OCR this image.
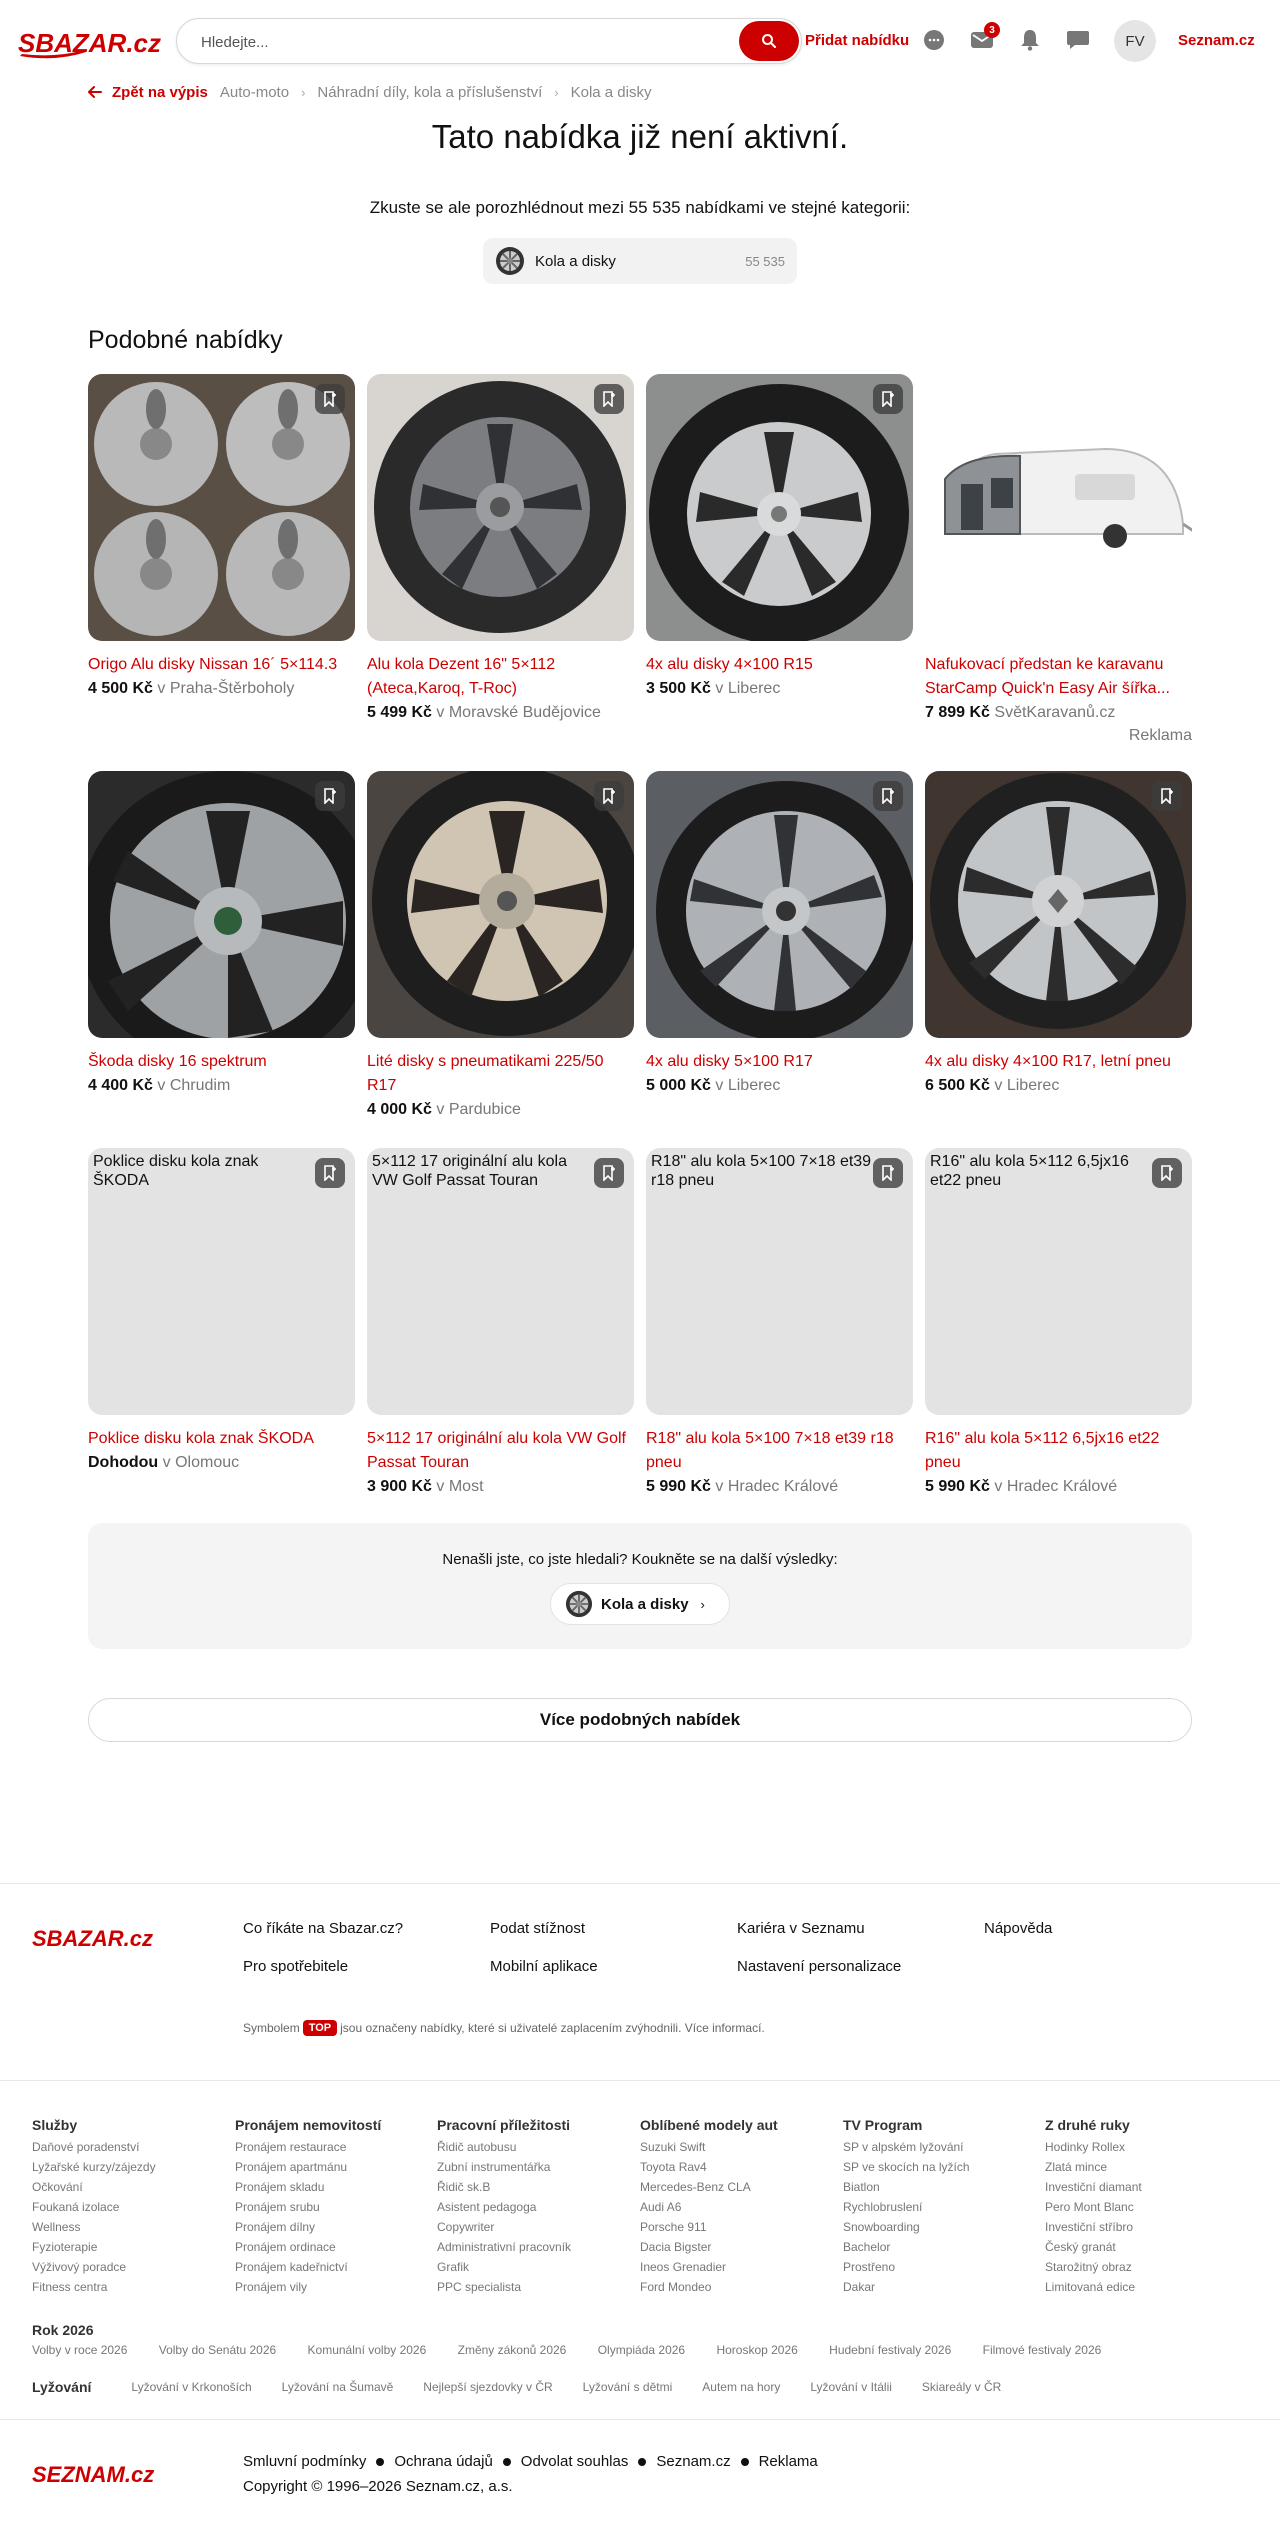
SBAZAR.cz
Hledejte...	Přidat nabídku
3
FV	Seznam.cz
Zpět na výpis Auto-moto › Náhradní díly, kola a příslušenství › Kola a disky
Tato nabídka již není aktivní.

Zkuste se ale porozhlédnout mezi 55 535 nabídkami ve stejné kategorii:

Kola a disky	55 535
Podobné nabídky
Origo Alu disky Nissan 16´ 5×114.3
4 500 Kč v Praha-Štěrboholy
Alu kola Dezent 16" 5×112 (Ateca,Karoq, T-Roc)
5 499 Kč v Moravské Budějovice
4x alu disky 4×100 R15
3 500 Kč v Liberec
Nafukovací předstan ke karavanu StarCamp Quick'n Easy Air šířka...
7 899 Kč SvětKaravanů.cz
Reklama
Škoda disky 16 spektrum
4 400 Kč v Chrudim
Lité disky s pneumatikami 225/50 R17
4 000 Kč v Pardubice
4x alu disky 5×100 R17
5 000 Kč v Liberec
4x alu disky 4×100 R17, letní pneu
6 500 Kč v Liberec
Poklice disku kola znak ŠKODA
Poklice disku kola znak ŠKODA
Dohodou v Olomouc
5×112 17 originální alu kola VW Golf Passat Touran
5×112 17 originální alu kola VW Golf Passat Touran
3 900 Kč v Most
R18" alu kola 5×100 7×18 et39 r18 pneu
R18" alu kola 5×100 7×18 et39 r18 pneu
5 990 Kč v Hradec Králové
R16" alu kola 5×112 6,5jx16 et22 pneu
R16" alu kola 5×112 6,5jx16 et22 pneu
5 990 Kč v Hradec Králové
Nenašli jste, co jste hledali? Koukněte se na další výsledky:
Kola a disky ›
Více podobných nabídek
SBAZAR.cz	Co říkáte na Sbazar.cz?	Podat stížnost	Kariéra v Seznamu	Nápověda
Pro spotřebitele	Mobilní aplikace	Nastavení personalizace
Symbolem TOP jsou označeny nabídky, které si uživatelé zaplacením zvýhodnili. Více informací.
Služby
Daňové poradenství
Lyžařské kurzy/zájezdy
Očkování
Foukaná izolace
Wellness
Fyzioterapie
Výživový poradce
Fitness centra
Pronájem nemovitostí
Pronájem restaurace
Pronájem apartmánu
Pronájem skladu
Pronájem srubu
Pronájem dílny
Pronájem ordinace
Pronájem kadeřnictví
Pronájem vily
Pracovní příležitosti
Řidič autobusu
Zubní instrumentářka
Řidič sk.B
Asistent pedagoga
Copywriter
Administrativní pracovník
Grafik
PPC specialista
Oblíbené modely aut
Suzuki Swift
Toyota Rav4
Mercedes-Benz CLA
Audi A6
Porsche 911
Dacia Bigster
Ineos Grenadier
Ford Mondeo
TV Program
SP v alpském lyžování
SP ve skocích na lyžích
Biatlon
Rychlobruslení
Snowboarding
Bachelor
Prostřeno
Dakar
Z druhé ruky
Hodinky Rollex
Zlatá mince
Investiční diamant
Pero Mont Blanc
Investiční stříbro
Český granát
Starožitný obraz
Limitovaná edice
Rok 2026
Volby v roce 2026	Volby do Senátu 2026	Komunální volby 2026	Změny zákonů 2026	Olympiáda 2026	Horoskop 2026	Hudební festivaly 2026	Filmové festivaly 2026
Lyžování	Lyžování v Krkonoších	Lyžování na Šumavě	Nejlepší sjezdovky v ČR	Lyžování s dětmi	Autem na hory	Lyžování v Itálii	Skiareály v ČR
SEZNAM.cz
Smluvní podmínky Ochrana údajů Odvolat souhlas Seznam.cz Reklama
Copyright © 1996–2026 Seznam.cz, a.s.
